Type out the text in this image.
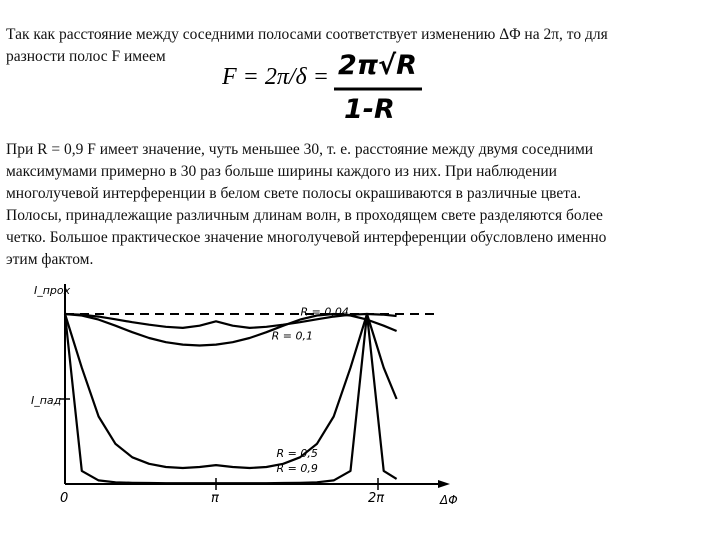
Так как расстояние между соседними полосами соответствует изменению ΔΦ на 2π, то для
разности полос F имеем
F = 2π/δ = 2π√R
1-R
При R = 0,9 F имеет значение, чуть меньшее 30, т. е. расстояние между двумя соседними
максимумами примерно в 30 раз больше ширины каждого из них. При наблюдении
многолучевой интерференции в белом свете полосы окрашиваются в различные цвета.
Полосы, принадлежащие различным длинам волн, в проходящем свете разделяются более
четко. Большое практическое значение многолучевой интерференции обусловлено именно
этим фактом.
R = 0,04
R = 0,1
R = 0,5
R = 0,9
I_прох
I_пад
0	π	2π	ΔΦ
